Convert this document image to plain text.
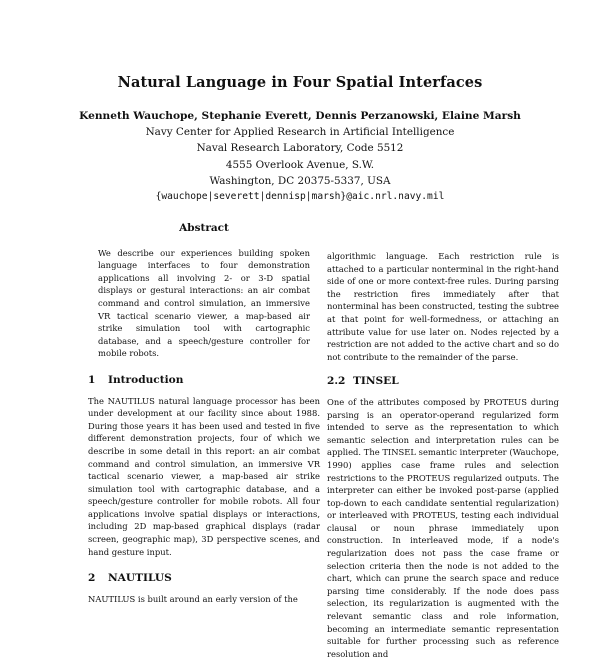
Natural Language in Four Spatial Interfaces
Kenneth Wauchope, Stephanie Everett, Dennis Perzanowski, Elaine Marsh
Navy Center for Applied Research in Artificial Intelligence
Naval Research Laboratory, Code 5512
4555 Overlook Avenue, S.W.
Washington, DC 20375-5337, USA
{wauchope|severett|dennisp|marsh}@aic.nrl.navy.mil
Abstract

We describe our experiences building spoken language interfaces to four demonstration applications all involving 2- or 3-D spatial displays or gestural interactions: an air combat command and control simulation, an immersive VR tactical scenario viewer, a map-based air strike simulation tool with cartographic database, and a speech/gesture controller for mobile robots.

1 Introduction

The NAUTILUS natural language processor has been under development at our facility since about 1988. During those years it has been used and tested in five different demonstration projects, four of which we describe in some detail in this report: an air combat command and control simulation, an immersive VR tactical scenario viewer, a map-based air strike simulation tool with cartographic database, and a speech/gesture controller for mobile robots. All four applications involve spatial displays or interactions, including 2D map-based graphical displays (radar screen, geographic map), 3D perspective scenes, and hand gesture input.

2 NAUTILUS

NAUTILUS is built around an early version of the

algorithmic language. Each restriction rule is attached to a particular nonterminal in the right-hand side of one or more context-free rules. During parsing the restriction fires immediately after that nonterminal has been constructed, testing the subtree at that point for well-formedness, or attaching an attribute value for use later on. Nodes rejected by a restriction are not added to the active chart and so do not contribute to the remainder of the parse.

2.2 TINSEL

One of the attributes composed by PROTEUS during parsing is an operator-operand regularized form intended to serve as the representation to which semantic selection and interpretation rules can be applied. The TINSEL semantic interpreter (Wauchope, 1990) applies case frame rules and selection restrictions to the PROTEUS regularized outputs. The interpreter can either be invoked post-parse (applied top-down to each candidate sentential regularization) or interleaved with PROTEUS, testing each individual clausal or noun phrase immediately upon construction. In interleaved mode, if a node's regularization does not pass the case frame or selection criteria then the node is not added to the chart, which can prune the search space and reduce parsing time considerably. If the node does pass selection, its regularization is augmented with the relevant semantic class and role information, becoming an intermediate semantic representation suitable for further processing such as reference resolution and
